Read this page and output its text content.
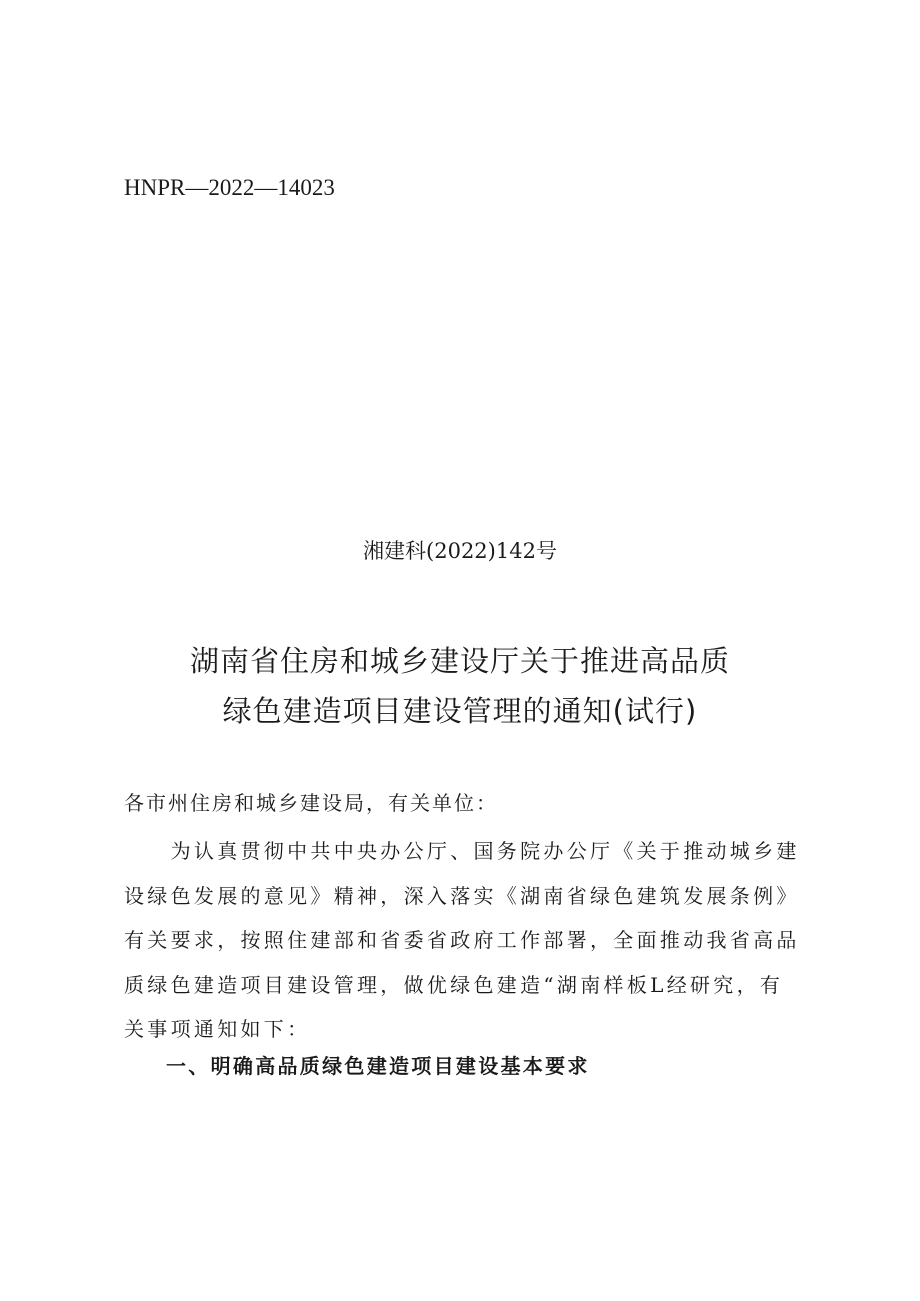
HNPR—2022—14023
湘建科(2022)142号
湖南省住房和城乡建设厅关于推进高品质
绿色建造项目建设管理的通知(试行)
各市州住房和城乡建设局，有关单位：
　　为认真贯彻中共中央办公厅、国务院办公厅《关于推动城乡建
设绿色发展的意见》精神，深入落实《湖南省绿色建筑发展条例》
有关要求，按照住建部和省委省政府工作部署，全面推动我省高品
质绿色建造项目建设管理，做优绿色建造“湖南样板L经研究，有
关事项通知如下：
一、明确高品质绿色建造项目建设基本要求
